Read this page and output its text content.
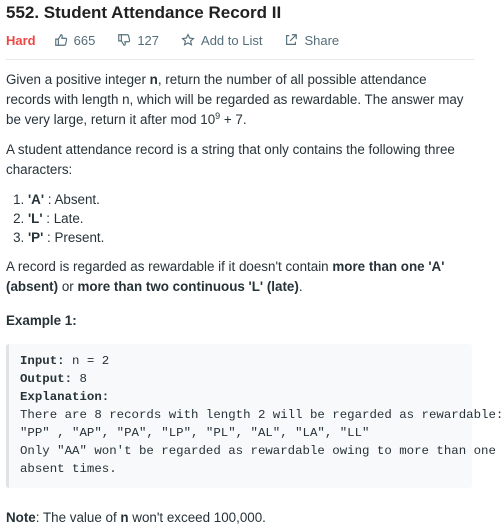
552. Student Attendance Record II
Hard	665	127	Add to List	Share

Given a positive integer n, return the number of all possible attendance records with length n, which will be regarded as rewardable. The answer may be very large, return it after mod $10^9 + 7$.

A student attendance record is a string that only contains the following three characters:

1. 'A' : Absent.
2. 'L' : Late.
3. 'P' : Present.

A record is regarded as rewardable if it doesn't contain more than one 'A' (absent) or more than two continuous 'L' (late).

Example 1:

Input: n = 2
Output: 8
Explanation:
There are 8 records with length 2 will be regarded as rewardable:
"PP" , "AP", "PA", "LP", "PL", "AL", "LA", "LL"
Only "AA" won't be regarded as rewardable owing to more than one
absent times.

Note: The value of n won't exceed 100,000.
